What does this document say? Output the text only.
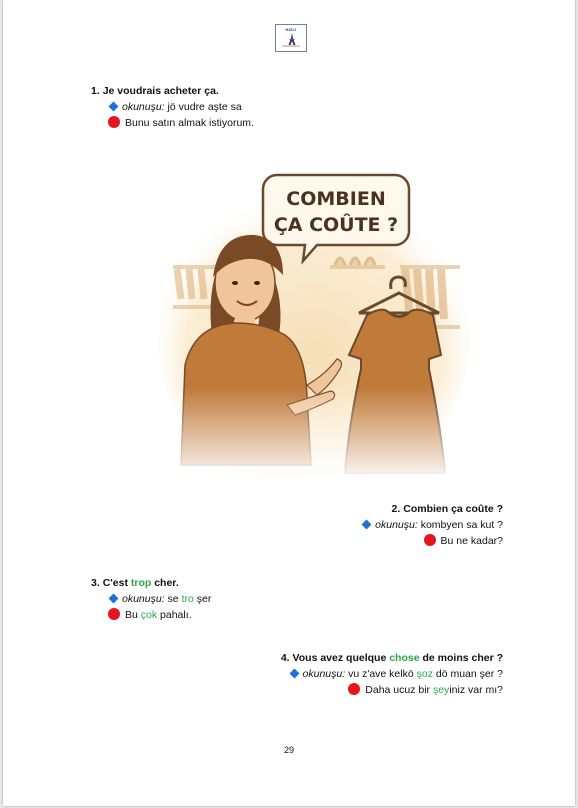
HIZLI
FRANSIZCA
1. Je voudrais acheter ça.
okunuşu: jö vudre aşte sa
Bunu satın almak istiyorum.
2. Combien ça coûte ?
okunuşu: kombyen sa kut ?
Bu ne kadar?
3. C'est trop cher.
okunuşu: se tro şer
Bu çok pahalı.
4. Vous avez quelque chose de moins cher ?
okunuşu: vu z'ave kelkö şoz dö muan şer ?
Daha ucuz bir şeyiniz var mı?
29
